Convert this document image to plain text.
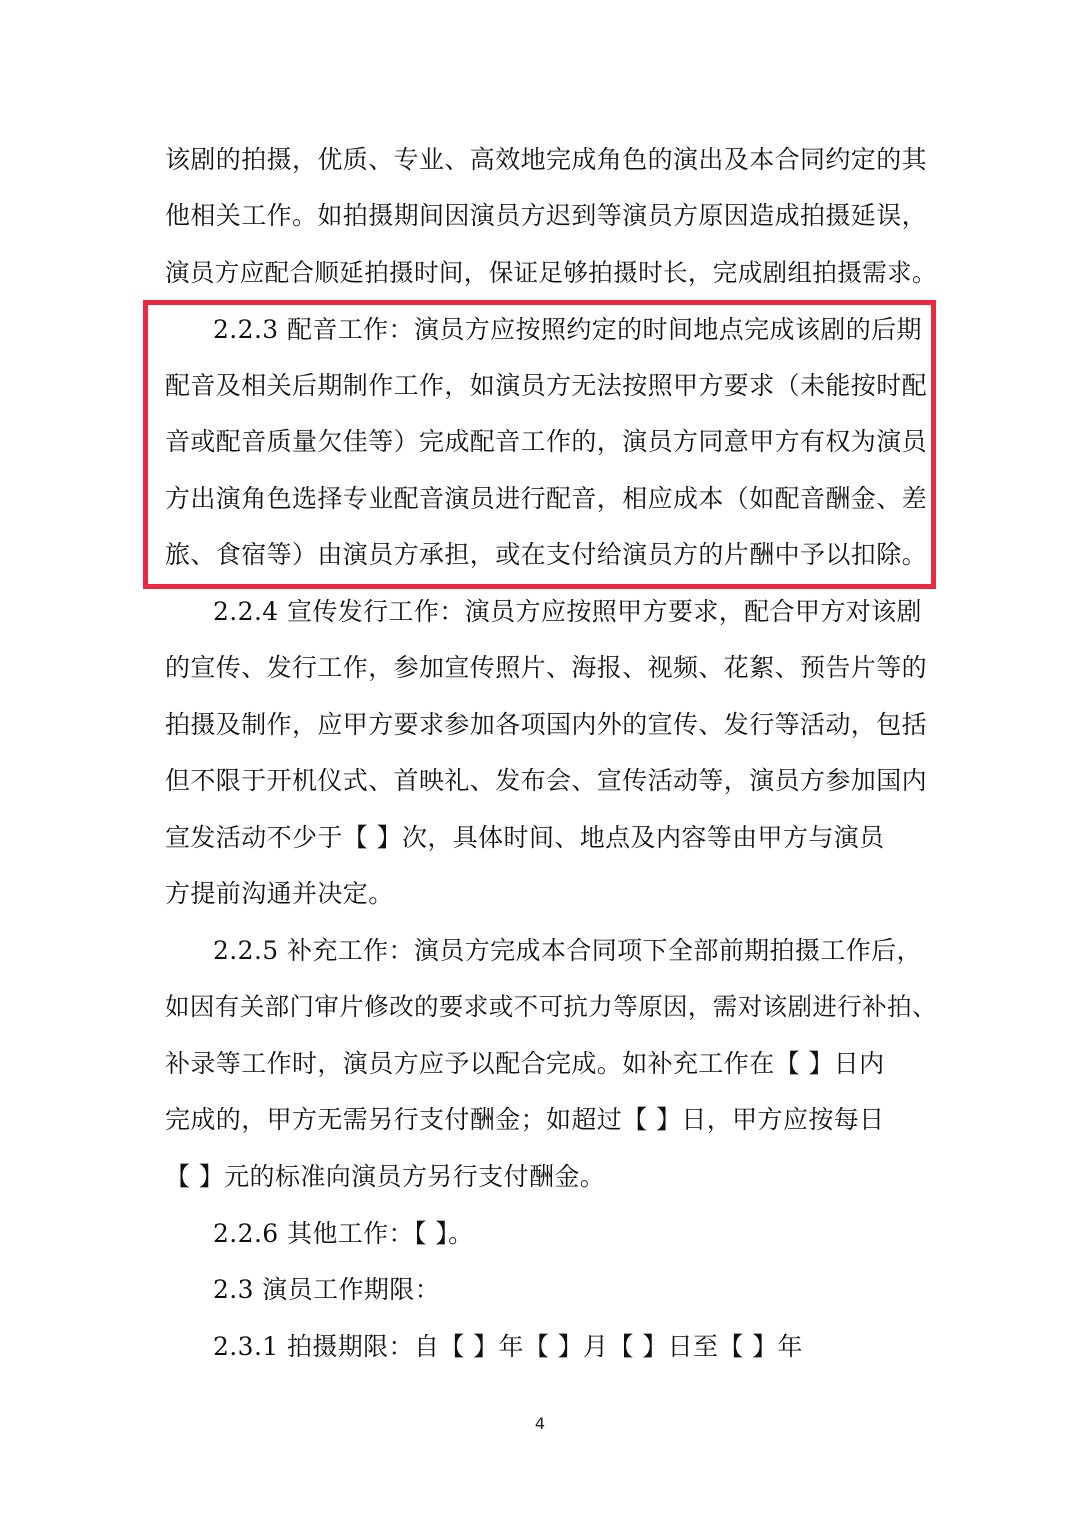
该剧的拍摄，优质、专业、高效地完成角色的演出及本合同约定的其
他相关工作。如拍摄期间因演员方迟到等演员方原因造成拍摄延误，
演员方应配合顺延拍摄时间，保证足够拍摄时长，完成剧组拍摄需求。
2.2.3 配音工作：演员方应按照约定的时间地点完成该剧的后期
配音及相关后期制作工作，如演员方无法按照甲方要求（未能按时配
音或配音质量欠佳等）完成配音工作的，演员方同意甲方有权为演员
方出演角色选择专业配音演员进行配音，相应成本（如配音酬金、差
旅、食宿等）由演员方承担，或在支付给演员方的片酬中予以扣除。
2.2.4 宣传发行工作：演员方应按照甲方要求，配合甲方对该剧
的宣传、发行工作，参加宣传照片、海报、视频、花絮、预告片等的
拍摄及制作，应甲方要求参加各项国内外的宣传、发行等活动，包括
但不限于开机仪式、首映礼、发布会、宣传活动等，演员方参加国内
宣发活动不少于【 】次，具体时间、地点及内容等由甲方与演员
方提前沟通并决定。
2.2.5 补充工作：演员方完成本合同项下全部前期拍摄工作后，
如因有关部门审片修改的要求或不可抗力等原因，需对该剧进行补拍、
补录等工作时，演员方应予以配合完成。如补充工作在【 】日内
完成的，甲方无需另行支付酬金；如超过【 】日，甲方应按每日
【 】元的标准向演员方另行支付酬金。
2.2.6 其他工作：【 】。
2.3 演员工作期限：
2.3.1 拍摄期限：自【 】年【 】月【 】日至【 】年
4
